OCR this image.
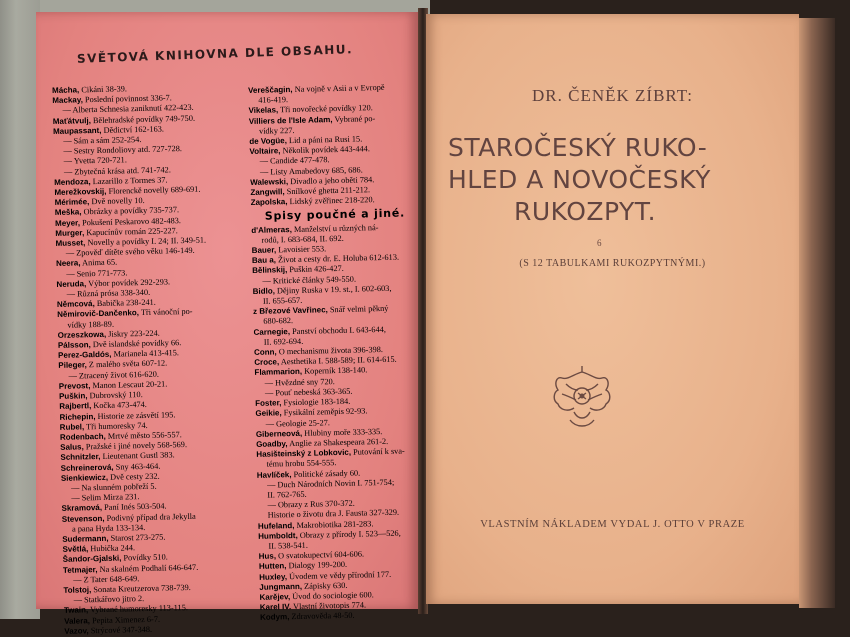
SVĚTOVÁ KNIHOVNA DLE OBSAHU.
Mácha, Cikáni 38-39.
Mackay, Poslední povinnost 336-7.
— Alberta Schnesia zaniknutí 422-423.
Maťátvulj, Bělehradské povídky 749-750.
Maupassant, Dědictví 162-163.
— Sám a sám 252-254.
— Sestry Rondoliovy atd. 727-728.
— Yvetta 720-721.
— Zbytečná krása atd. 741-742.
Mendoza, Lazarillo z Tormes 37.
Merežkovskij, Florenckě novelly 689-691.
Mérimée, Dvě novelly 10.
Meška, Obrázky a povídky 735-737.
Meyer, Pokušení Peskarovo 482-483.
Murger, Kapucínův román 225-227.
Musset, Novelly a povídky I. 24; II. 349-51.
— Zpověď dítěte svého věku 146-149.
Neera, Anima 65.
— Senio 771-773.
Neruda, Výbor povídek 292-293.
— Různá prósa 338-340.
Němcová, Babička 238-241.
Němirovič-Dančenko, Tři vánoční po-
vídky 188-89.
Orzeszkowa, Jiskry 223-224.
Pálsson, Dvě islandské povídky 66.
Perez-Galdós, Marianela 413-415.
Pileger, Z malého světa 607-12.
— Ztracený život 616-620.
Prevost, Manon Lescaut 20-21.
Puškin, Dubrovský 110.
Rajbertl, Kočka 473-474.
Richepin, Historie ze zásvětí 195.
Rubel, Tři humoresky 74.
Rodenbach, Mrtvé město 556-557.
Salus, Pražské i jiné novely 568-569.
Schnitzler, Lieutenant Gustl 383.
Schreinerová, Sny 463-464.
Sienkiewicz, Dvě cesty 232.
— Na slunném pobřeží 5.
— Selim Mirza 231.
Skramová, Paní Inés 503-504.
Stevenson, Podivný případ dra Jekylla
a pana Hyda 133-134.
Sudermann, Starost 273-275.
Světlá, Hubička 244.
Šandor-Gjalski, Povídky 510.
Tetmajer, Na skalném Podhalí 646-647.
— Z Tater 648-649.
Tolstoj, Sonata Kreutzerova 738-739.
— Statkářovo jitro 2.
Twain, Vybrané humoresky 113-115.
Valera, Pepita Ximenez 6-7.
Vazov, Strýcové 347-348.
Vereščagin, Na vojně v Asii a v Evropě
416-419.
Vikelas, Tři novořecké povídky 120.
Villiers de l'Isle Adam, Vybrané po-
vídky 227.
de Vogüe, Lid a páni na Rusi 15.
Voltaire, Několik povídek 443-444.
— Candide 477-478.
— Listy Amabedovy 685, 686.
Walewski, Divadlo a jeho oběti 784.
Zangwill, Snílkové ghetta 211-212.
Zapolska, Lidský zvěřinec 218-220.
Spisy poučné a jiné.
d'Almeras, Manželství u různých ná-
rodů, I. 683-684, II. 692.
Bauer, Lavoisier 553.
Bau a, Život a cesty dr. E. Holuba 612-613.
Bělinskij, Puškin 426-427.
— Kritické články 549-550.
Bidlo, Dějiny Ruska v 19. st., I. 602-603,
II. 655-657.
z Březové Vavřinec, Snář velmi pěkný
680-682.
Carnegie, Panství obchodu I. 643-644,
II. 692-694.
Conn, O mechanismu života 396-398.
Croce, Aesthetika I. 588-589; II. 614-615.
Flammarion, Koperník 138-140.
— Hvězdné sny 720.
— Pouť nebeská 363-365.
Foster, Fysiologie 183-184.
Geikie, Fysikální zeměpis 92-93.
— Geologie 25-27.
Giberneová, Hlubiny moře 333-335.
Goadby, Anglie za Shakespeara 261-2.
Hasišteinský z Lobkovic, Putování k sva-
tému hrobu 554-555.
Havlíček, Politické zásady 60.
— Duch Národních Novin I. 751-754;
II. 762-765.
— Obrazy z Rus 370-372.
Historie o životu dra J. Fausta 327-329.
Hufeland, Makrobiotika 281-283.
Humboldt, Obrazy z přírody I. 523—526,
II. 538-541.
Hus, O svatokupectví 604-606.
Hutten, Dialogy 199-200.
Huxley, Úvodem ve vědy přírodní 177.
Jungmann, Zápisky 630.
Karějev, Úvod do sociologie 600.
Karel IV. Vlastní životopis 774.
Kodym, Zdravověda 48-50.
DR. ČENĚK ZÍBRT:
STAROČESKÝ RUKO-
HLED A NOVOČESKÝ
RUKOZPYT.
6
(S 12 TABULKAMI RUKOZPYTNÝMI.)
VLASTNÍM NÁKLADEM VYDAL J. OTTO V PRAZE
